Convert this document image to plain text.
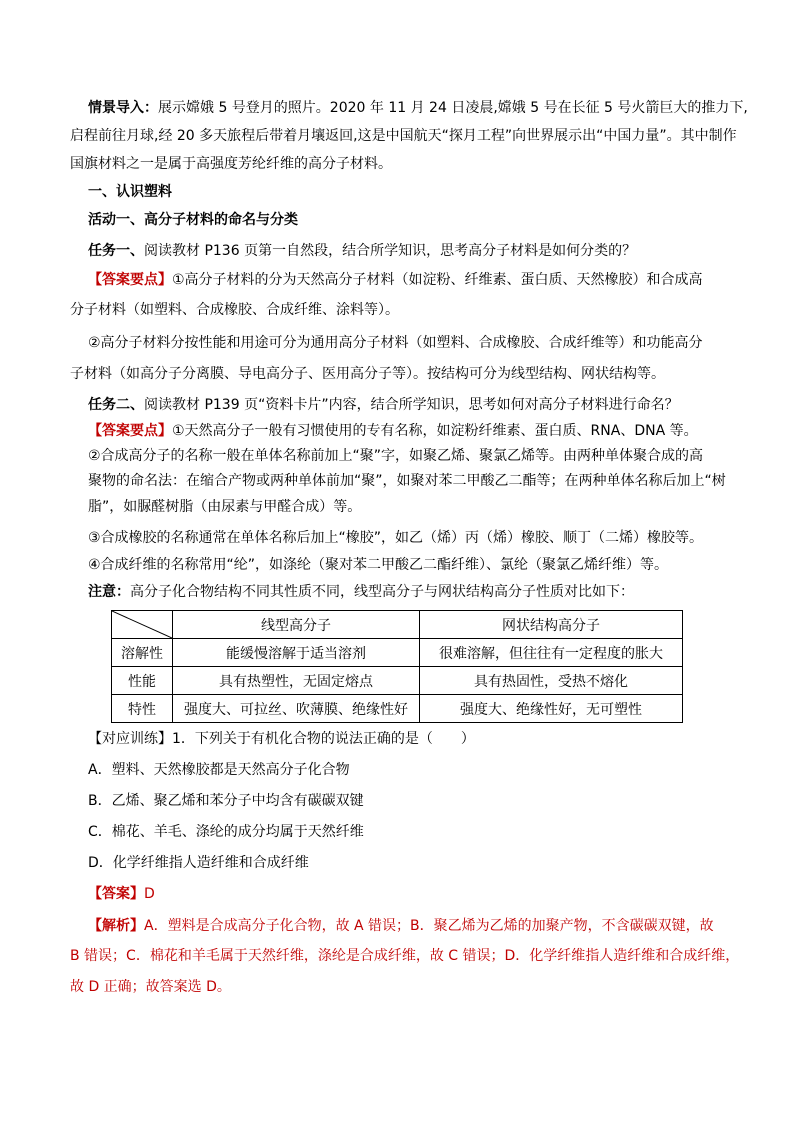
情景导入：展示嫦娥 5 号登月的照片。2020 年 11 月 24 日凌晨,嫦娥 5 号在长征 5 号火箭巨大的推力下,
启程前往月球,经 20 多天旅程后带着月壤返回,这是中国航天“探月工程”向世界展示出“中国力量”。其中制作
国旗材料之一是属于高强度芳纶纤维的高分子材料。
一、认识塑料
活动一、高分子材料的命名与分类
任务一、阅读教材 P136 页第一自然段，结合所学知识，思考高分子材料是如何分类的？
【答案要点】①高分子材料的分为天然高分子材料（如淀粉、纤维素、蛋白质、天然橡胶）和合成高
分子材料（如塑料、合成橡胶、合成纤维、涂料等）。
②高分子材料分按性能和用途可分为通用高分子材料（如塑料、合成橡胶、合成纤维等）和功能高分
子材料（如高分子分离膜、导电高分子、医用高分子等）。按结构可分为线型结构、网状结构等。
任务二、阅读教材 P139 页“资料卡片”内容，结合所学知识，思考如何对高分子材料进行命名？
【答案要点】①天然高分子一般有习惯使用的专有名称，如淀粉纤维素、蛋白质、RNA、DNA 等。
②合成高分子的名称一般在单体名称前加上“聚”字，如聚乙烯、聚氯乙烯等。由两种单体聚合成的高
聚物的命名法：在缩合产物或两种单体前加“聚”，如聚对苯二甲酸乙二酯等；在两种单体名称后加上“树
脂”，如脲醛树脂（由尿素与甲醛合成）等。
③合成橡胶的名称通常在单体名称后加上“橡胶”，如乙（烯）丙（烯）橡胶、顺丁（二烯）橡胶等。
④合成纤维的名称常用“纶”，如涤纶（聚对苯二甲酸乙二酯纤维）、氯纶（聚氯乙烯纤维）等。
注意：高分子化合物结构不同其性质不同，线型高分子与网状结构高分子性质对比如下：
	线型高分子	网状结构高分子
溶解性	能缓慢溶解于适当溶剂	很难溶解，但往往有一定程度的胀大
性能	具有热塑性，无固定熔点	具有热固性，受热不熔化
特性	强度大、可拉丝、吹薄膜、绝缘性好	强度大、绝缘性好，无可塑性
【对应训练】1．下列关于有机化合物的说法正确的是（　　）
A．塑料、天然橡胶都是天然高分子化合物
B．乙烯、聚乙烯和苯分子中均含有碳碳双键
C．棉花、羊毛、涤纶的成分均属于天然纤维
D．化学纤维指人造纤维和合成纤维
【答案】D
【解析】A．塑料是合成高分子化合物，故 A 错误；B．聚乙烯为乙烯的加聚产物，不含碳碳双键，故
B 错误；C．棉花和羊毛属于天然纤维，涤纶是合成纤维，故 C 错误；D．化学纤维指人造纤维和合成纤维，
故 D 正确；故答案选 D。
